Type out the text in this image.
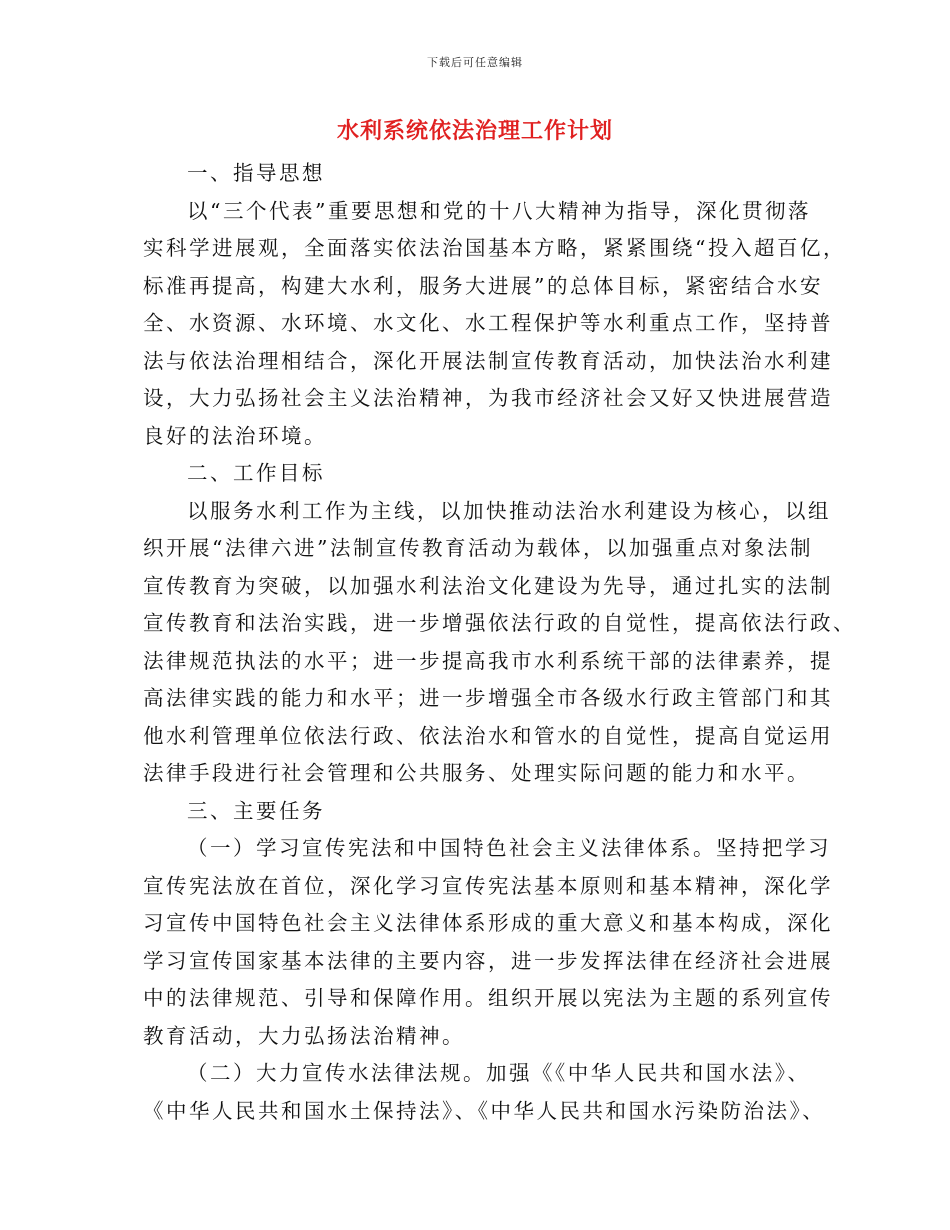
下载后可任意编辑
水利系统依法治理工作计划
一、指导思想
以“三个代表”重要思想和党的十八大精神为指导，深化贯彻落
实科学进展观，全面落实依法治国基本方略，紧紧围绕“投入超百亿，
标准再提高，构建大水利，服务大进展”的总体目标，紧密结合水安
全、水资源、水环境、水文化、水工程保护等水利重点工作，坚持普
法与依法治理相结合，深化开展法制宣传教育活动，加快法治水利建
设，大力弘扬社会主义法治精神，为我市经济社会又好又快进展营造
良好的法治环境。
二、工作目标
以服务水利工作为主线，以加快推动法治水利建设为核心，以组
织开展“法律六进”法制宣传教育活动为载体，以加强重点对象法制
宣传教育为突破，以加强水利法治文化建设为先导，通过扎实的法制
宣传教育和法治实践，进一步增强依法行政的自觉性，提高依法行政、
法律规范执法的水平；进一步提高我市水利系统干部的法律素养，提
高法律实践的能力和水平；进一步增强全市各级水行政主管部门和其
他水利管理单位依法行政、依法治水和管水的自觉性，提高自觉运用
法律手段进行社会管理和公共服务、处理实际问题的能力和水平。
三、主要任务
（一）学习宣传宪法和中国特色社会主义法律体系。坚持把学习
宣传宪法放在首位，深化学习宣传宪法基本原则和基本精神，深化学
习宣传中国特色社会主义法律体系形成的重大意义和基本构成，深化
学习宣传国家基本法律的主要内容，进一步发挥法律在经济社会进展
中的法律规范、引导和保障作用。组织开展以宪法为主题的系列宣传
教育活动，大力弘扬法治精神。
（二）大力宣传水法律法规。加强《《中华人民共和国水法》、
《中华人民共和国水土保持法》、《中华人民共和国水污染防治法》、
